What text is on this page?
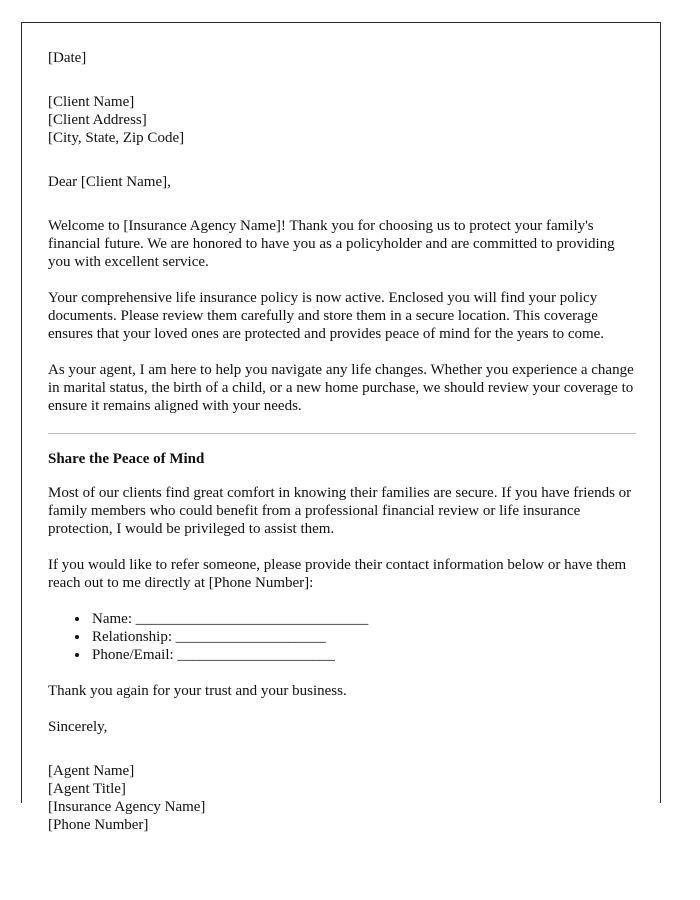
[Date]
[Client Name]
[Client Address]
[City, State, Zip Code]
Dear [Client Name],

Welcome to [Insurance Agency Name]! Thank you for choosing us to protect your family's financial future. We are honored to have you as a policyholder and are committed to providing you with excellent service.

Your comprehensive life insurance policy is now active. Enclosed you will find your policy documents. Please review them carefully and store them in a secure location. This coverage ensures that your loved ones are protected and provides peace of mind for the years to come.

As your agent, I am here to help you navigate any life changes. Whether you experience a change in marital status, the birth of a child, or a new home purchase, we should review your coverage to ensure it remains aligned with your needs.

Share the Peace of Mind

Most of our clients find great comfort in knowing their families are secure. If you have friends or family members who could benefit from a professional financial review or life insurance protection, I would be privileged to assist them.

If you would like to refer someone, please provide their contact information below or have them reach out to me directly at [Phone Number]:

• Name: _______________________________
• Relationship: ____________________
• Phone/Email: _____________________

Thank you again for your trust and your business.

Sincerely,
[Agent Name]
[Agent Title]
[Insurance Agency Name]
[Phone Number]
